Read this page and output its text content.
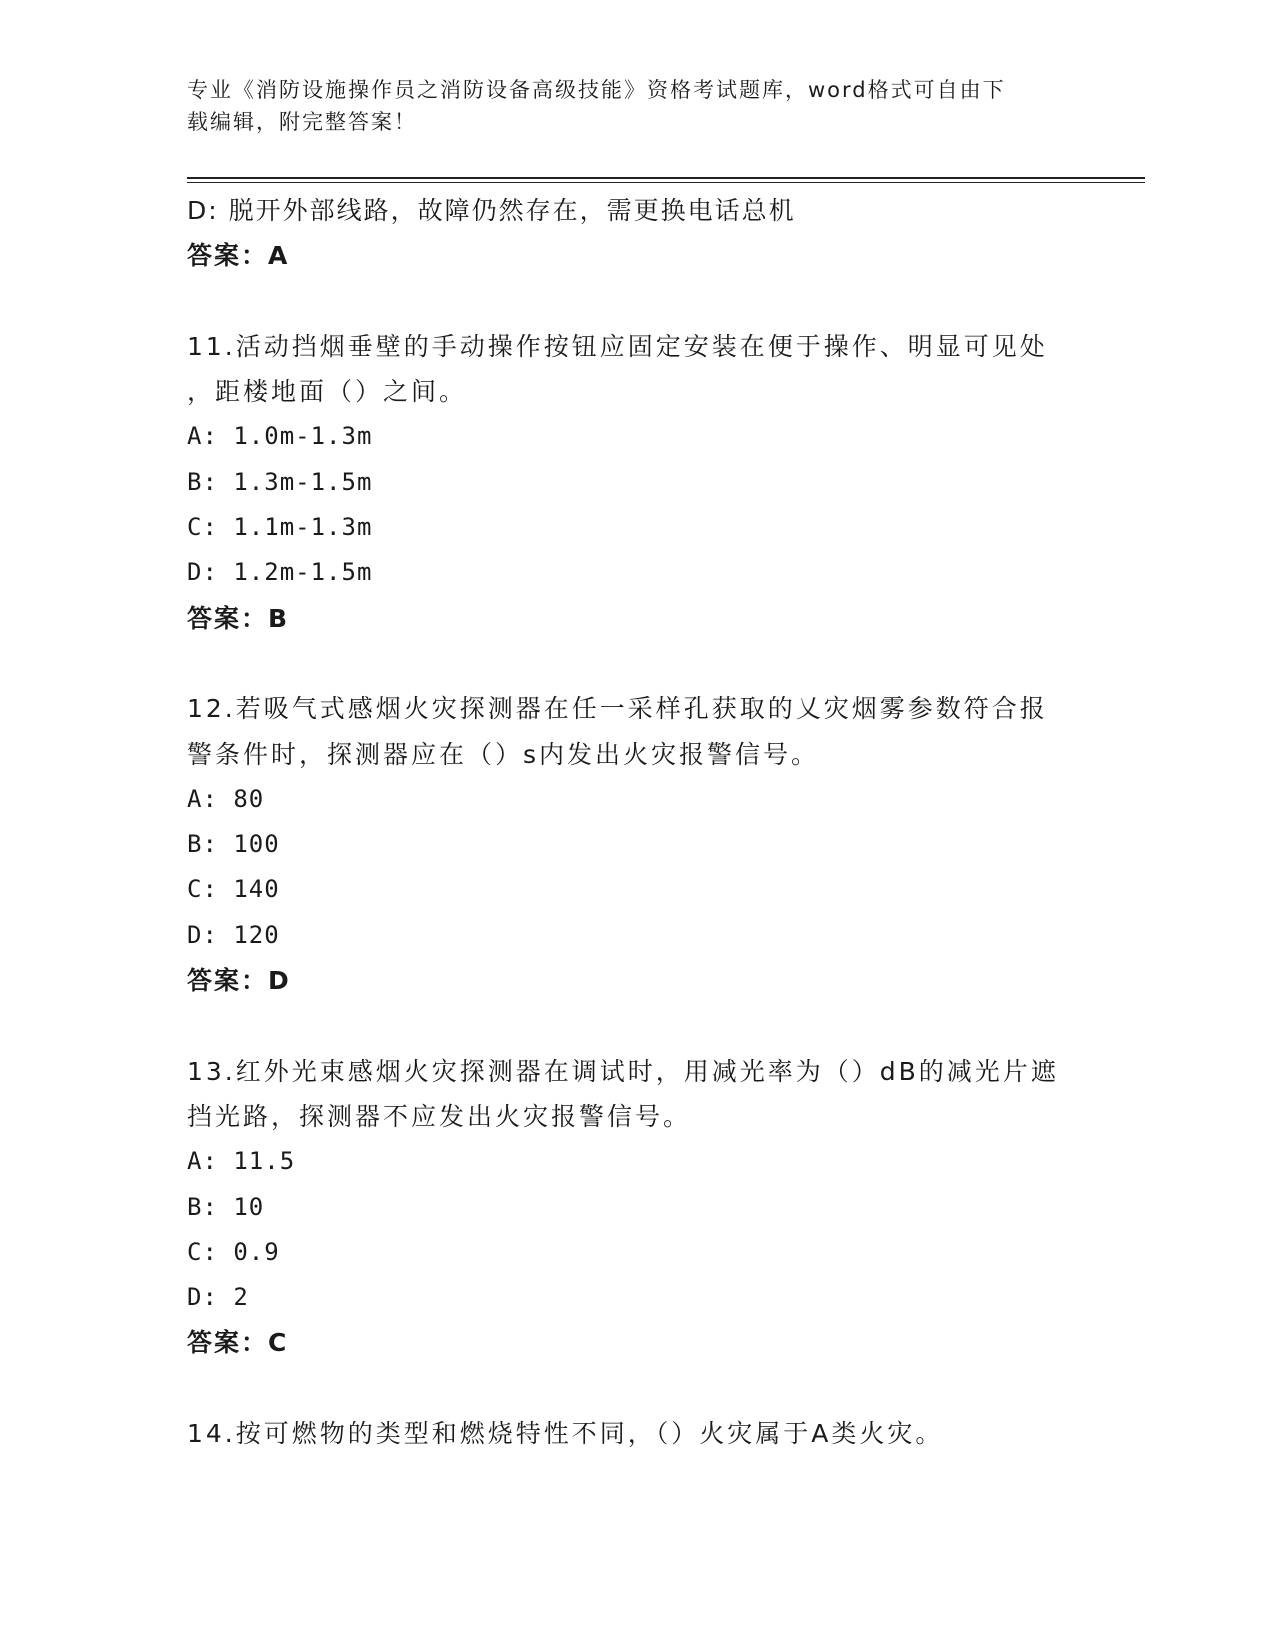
专业《消防设施操作员之消防设备高级技能》资格考试题库，word格式可自由下
载编辑，附完整答案！
D: 脱开外部线路，故障仍然存在，需更换电话总机
答案：A
11.活动挡烟垂壁的手动操作按钮应固定安装在便于操作、明显可见处
，距楼地面（）之间。
A: 1.0m-1.3m
B: 1.3m-1.5m
C: 1.1m-1.3m
D: 1.2m-1.5m
答案：B
12.若吸气式感烟火灾探测器在任一采样孔获取的乂灾烟雾参数符合报
警条件时，探测器应在（）s内发出火灾报警信号。
A: 80
B: 100
C: 140
D: 120
答案：D
13.红外光束感烟火灾探测器在调试时，用减光率为（）dB的减光片遮
挡光路，探测器不应发出火灾报警信号。
A: 11.5
B: 10
C: 0.9
D: 2
答案：C
14.按可燃物的类型和燃烧特性不同，（）火灾属于A类火灾。
